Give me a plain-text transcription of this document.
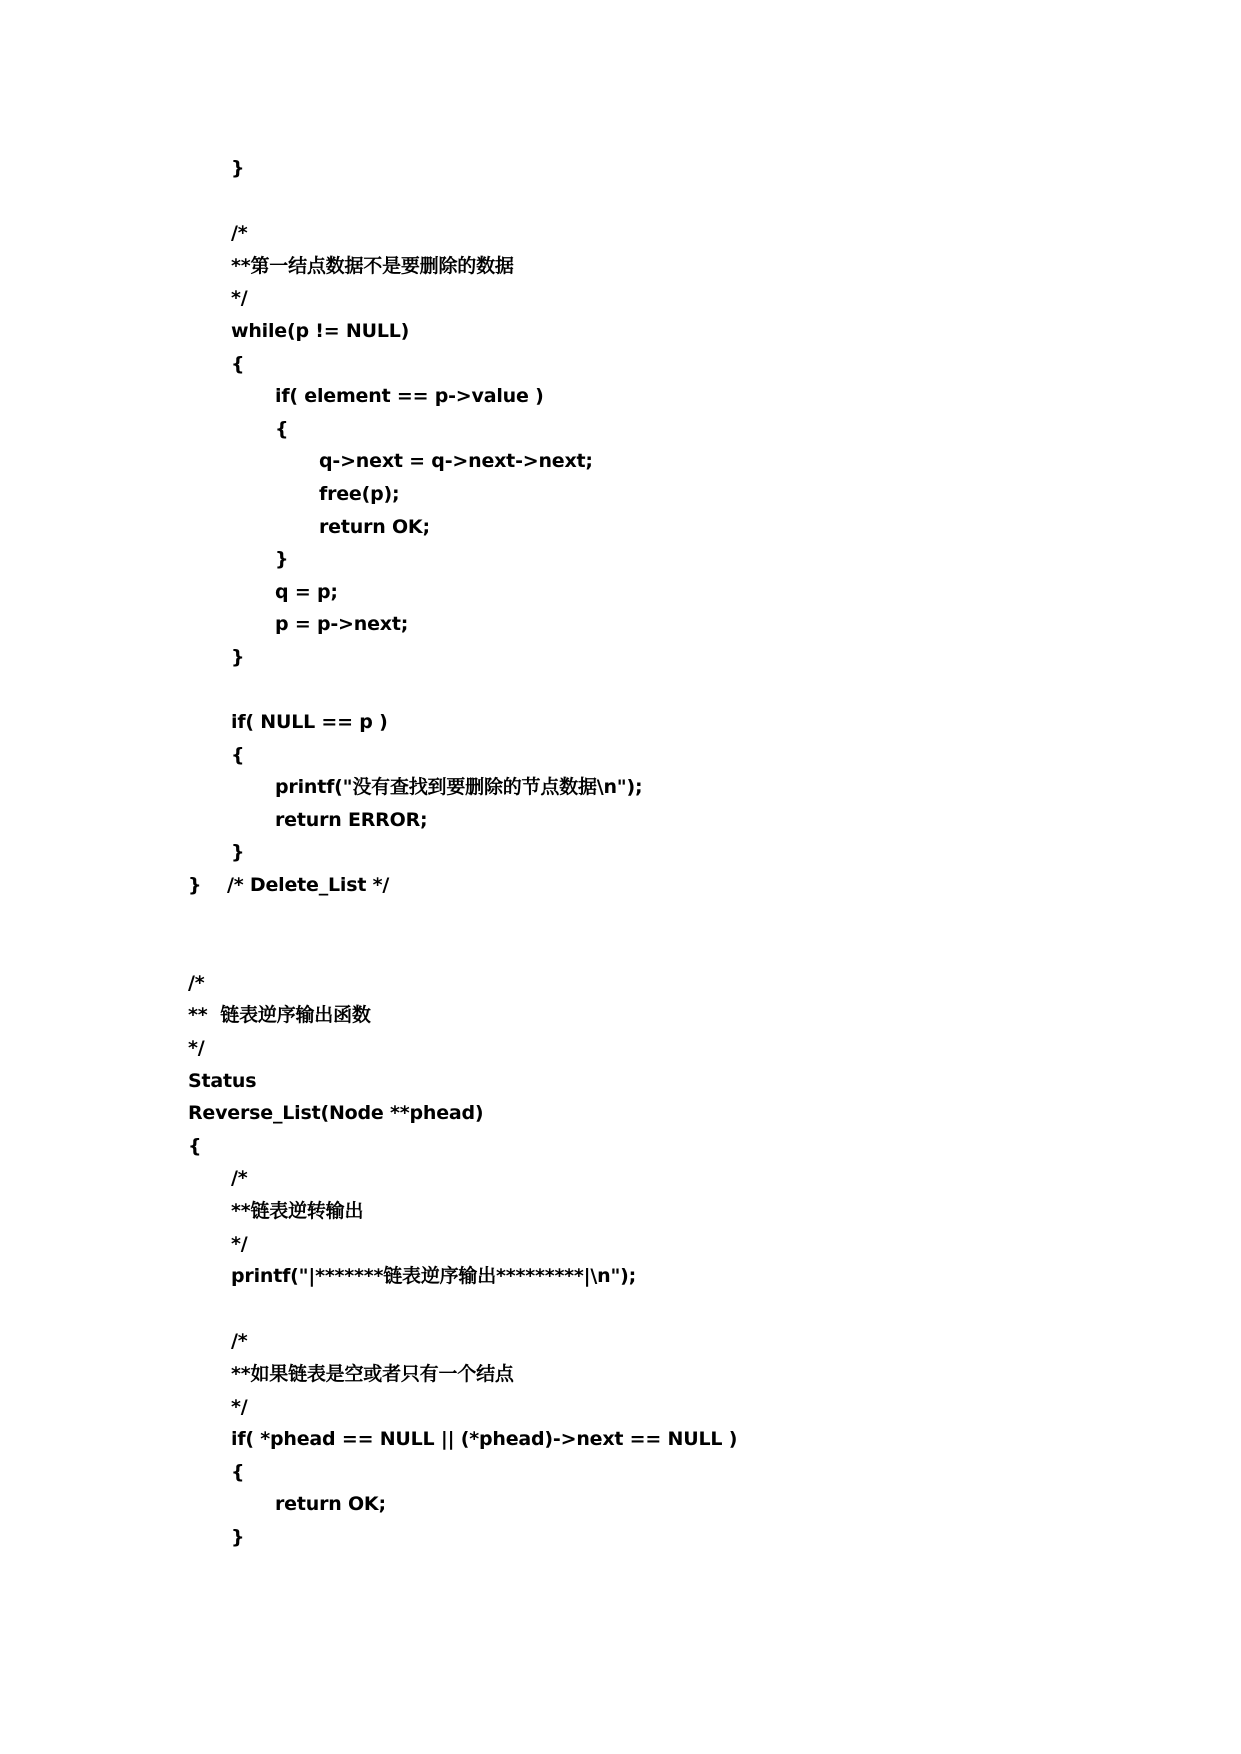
}
/*
**第一结点数据不是要删除的数据
*/
while(p != NULL)
{
if( element == p->value )
{
q->next = q->next->next;
free(p);
return OK;
}
q = p;
p = p->next;
}
if( NULL == p )
{
printf("没有查找到要删除的节点数据\n");
return ERROR;
}
}    /* Delete_List */
/*
**  链表逆序输出函数
*/
Status
Reverse_List(Node **phead)
{
/*
**链表逆转输出
*/
printf("|*******链表逆序输出*********|\n");
/*
**如果链表是空或者只有一个结点
*/
if( *phead == NULL || (*phead)->next == NULL )
{
return OK;
}
